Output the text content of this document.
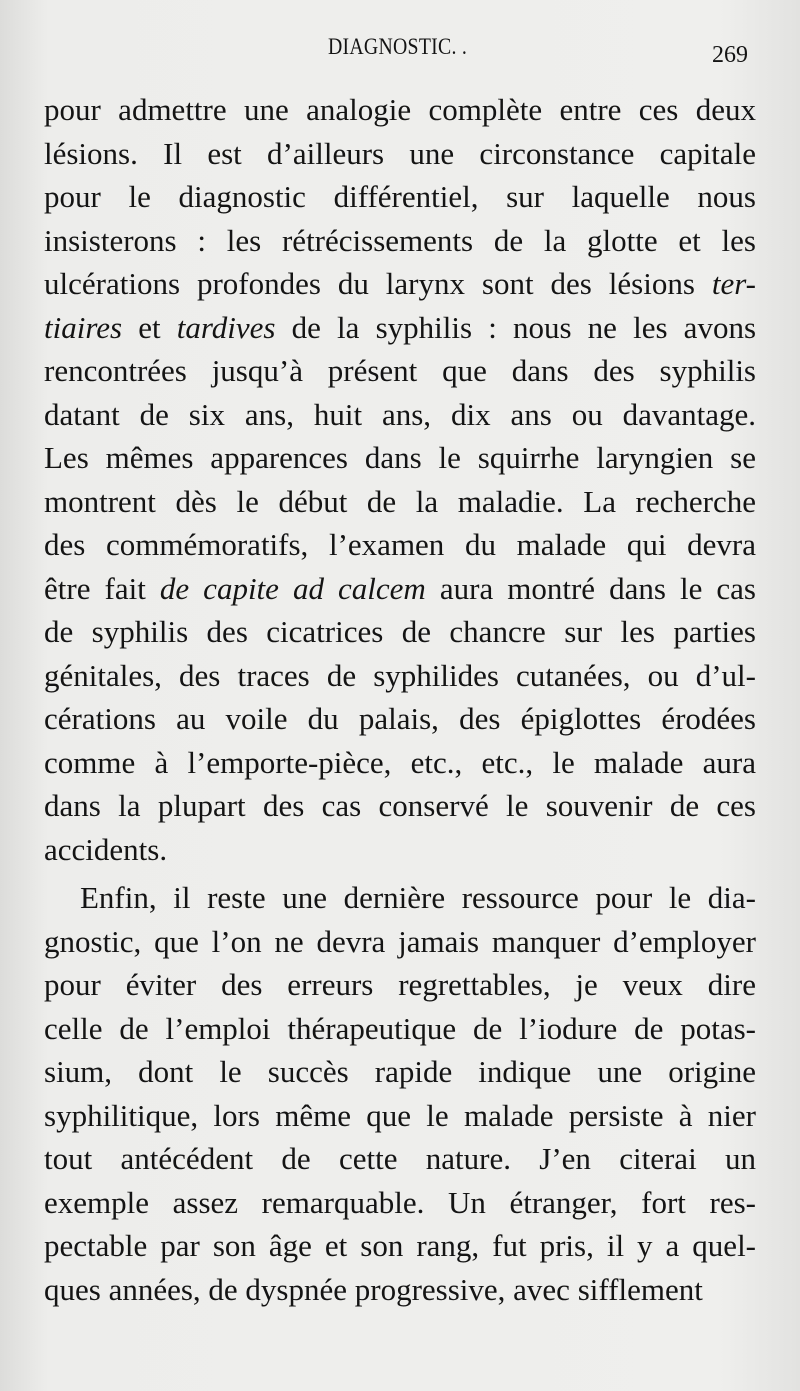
DIAGNOSTIC. .	269
pour admettre une analogie complète entre ces deux
lésions. Il est d’ailleurs une circonstance capitale
pour le diagnostic différentiel, sur laquelle nous
insisterons : les rétrécissements de la glotte et les
ulcérations profondes du larynx sont des lésions ter-
tiaires et tardives de la syphilis : nous ne les avons
rencontrées jusqu’à présent que dans des syphilis
datant de six ans, huit ans, dix ans ou davantage.
Les mêmes apparences dans le squirrhe laryngien se
montrent dès le début de la maladie. La recherche
des commémoratifs, l’examen du malade qui devra
être fait de capite ad calcem aura montré dans le cas
de syphilis des cicatrices de chancre sur les parties
génitales, des traces de syphilides cutanées, ou d’ul-
cérations au voile du palais, des épiglottes érodées
comme à l’emporte-pièce, etc., etc., le malade aura
dans la plupart des cas conservé le souvenir de ces
accidents.
Enfin, il reste une dernière ressource pour le dia-
gnostic, que l’on ne devra jamais manquer d’employer
pour éviter des erreurs regrettables, je veux dire
celle de l’emploi thérapeutique de l’iodure de potas-
sium, dont le succès rapide indique une origine
syphilitique, lors même que le malade persiste à nier
tout antécédent de cette nature. J’en citerai un
exemple assez remarquable. Un étranger, fort res-
pectable par son âge et son rang, fut pris, il y a quel-
ques années, de dyspnée progressive, avec sifflement
